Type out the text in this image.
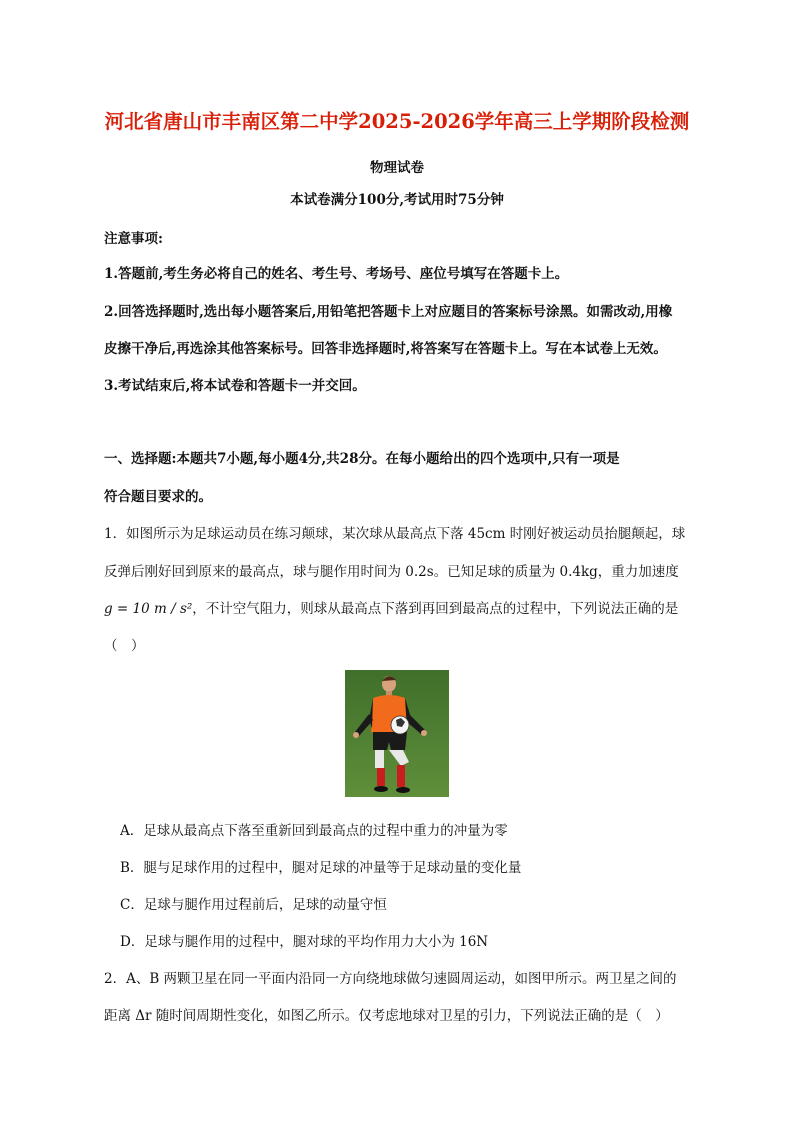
河北省唐山市丰南区第二中学2025-2026学年高三上学期阶段检测
物理试卷
本试卷满分100分,考试用时75分钟
注意事项:
1.答题前,考生务必将自己的姓名、考生号、考场号、座位号填写在答题卡上。
2.回答选择题时,选出每小题答案后,用铅笔把答题卡上对应题目的答案标号涂黑。如需改动,用橡
皮擦干净后,再选涂其他答案标号。回答非选择题时,将答案写在答题卡上。写在本试卷上无效。
3.考试结束后,将本试卷和答题卡一并交回。
一、选择题:本题共7小题,每小题4分,共28分。在每小题给出的四个选项中,只有一项是
符合题目要求的。
1．如图所示为足球运动员在练习颠球，某次球从最高点下落 45cm 时刚好被运动员抬腿颠起，球
反弹后刚好回到原来的最高点，球与腿作用时间为 0.2s。已知足球的质量为 0.4kg，重力加速度
g = 10 m / s²，不计空气阻力，则球从最高点下落到再回到最高点的过程中，下列说法正确的是
（　）
A．足球从最高点下落至重新回到最高点的过程中重力的冲量为零
B．腿与足球作用的过程中，腿对足球的冲量等于足球动量的变化量
C．足球与腿作用过程前后，足球的动量守恒
D．足球与腿作用的过程中，腿对球的平均作用力大小为 16N
2．A、B 两颗卫星在同一平面内沿同一方向绕地球做匀速圆周运动，如图甲所示。两卫星之间的
距离 Δr 随时间周期性变化，如图乙所示。仅考虑地球对卫星的引力，下列说法正确的是（　）
